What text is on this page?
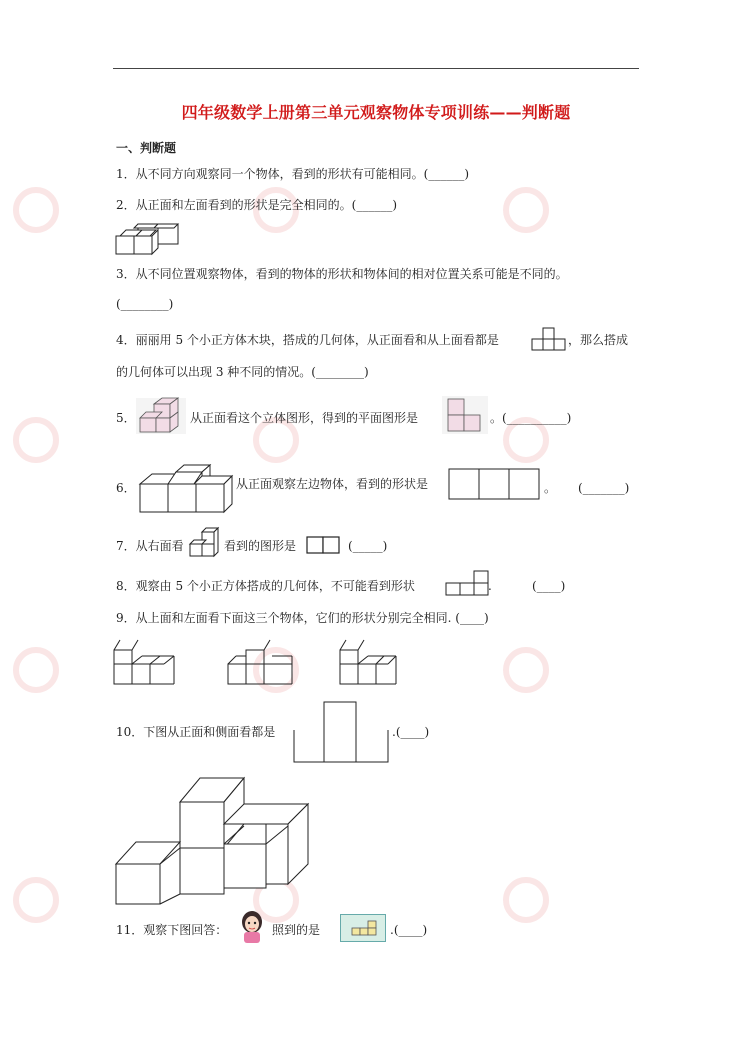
四年级数学上册第三单元观察物体专项训练——判断题
一、判断题
1．从不同方向观察同一个物体，看到的形状有可能相同。(______)
2．从正面和左面看到的形状是完全相同的。(______)
3．从不同位置观察物体，看到的物体的形状和物体间的相对位置关系可能是不同的。
(________)
4．丽丽用 5 个小正方体木块，搭成的几何体，从正面看和从上面看都是	，那么搭成
的几何体可以出现 3 种不同的情况。(________)
5．	从正面看这个立体图形，得到的平面图形是	。(__________)
6．	从正面观察左边物体，看到的形状是	。 (_______)
7．从右面看	看到的图形是	(_____)
8．观察由 5 个小正方体搭成的几何体，不可能看到形状	.	(____)
9．从上面和左面看下面这三个物体，它们的形状分别完全相同. (____)
10．下图从正面和侧面看都是	.(____)
11．观察下图回答：	照到的是	.(____)
